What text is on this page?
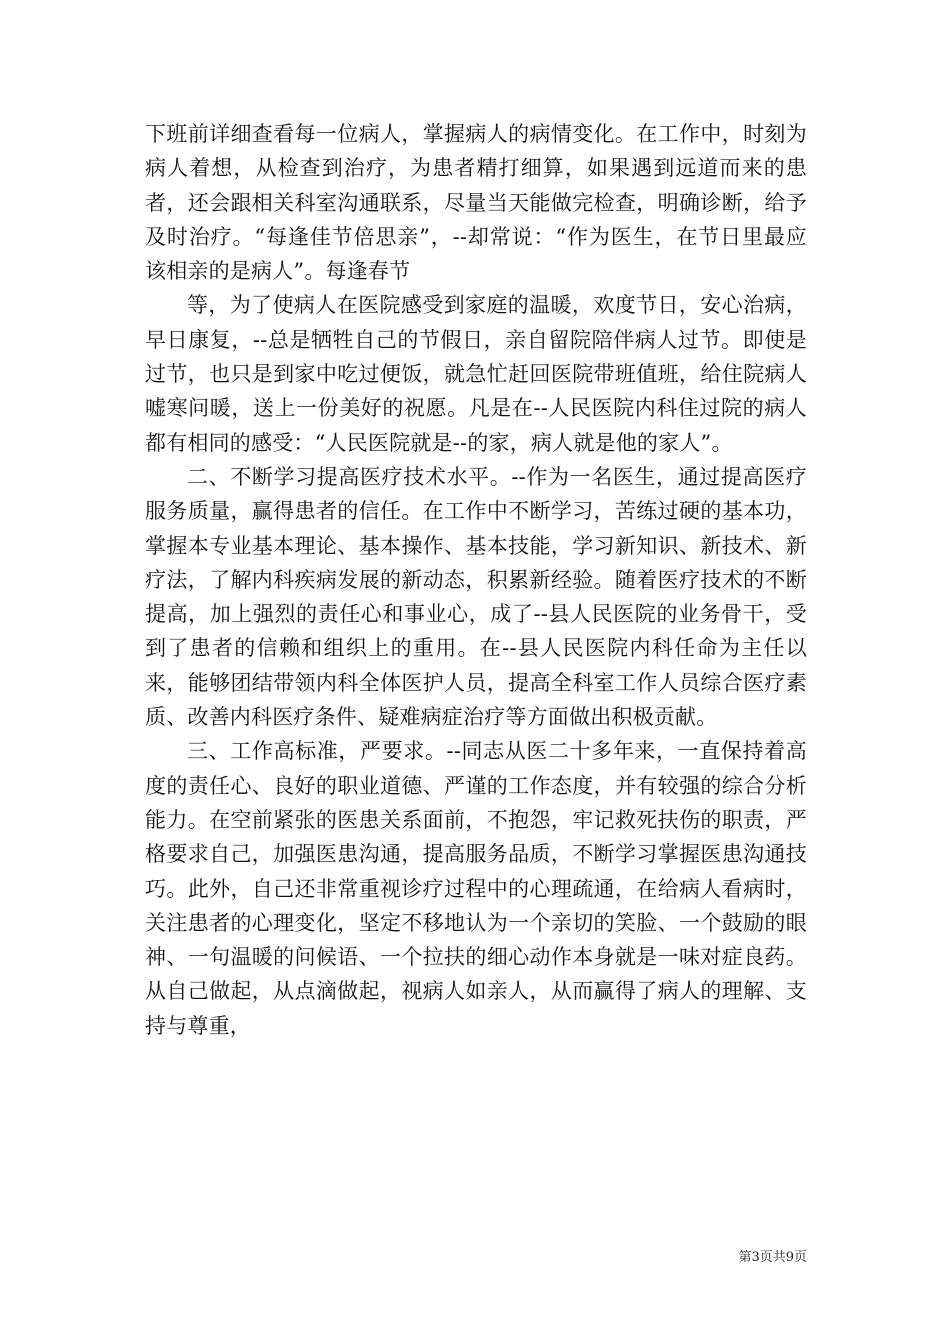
下班前详细查看每一位病人，掌握病人的病情变化。在工作中，时刻为病人着想，从检查到治疗，为患者精打细算，如果遇到远道而来的患者，还会跟相关科室沟通联系，尽量当天能做完检查，明确诊断，给予及时治疗。“每逢佳节倍思亲”，--却常说：“作为医生，在节日里最应该相亲的是病人”。每逢春节

等，为了使病人在医院感受到家庭的温暖，欢度节日，安心治病，早日康复，--总是牺牲自己的节假日，亲自留院陪伴病人过节。即使是过节，也只是到家中吃过便饭，就急忙赶回医院带班值班，给住院病人嘘寒问暖，送上一份美好的祝愿。凡是在--人民医院内科住过院的病人都有相同的感受：“人民医院就是--的家，病人就是他的家人”。

二、不断学习提高医疗技术水平。--作为一名医生，通过提高医疗服务质量，赢得患者的信任。在工作中不断学习，苦练过硬的基本功，掌握本专业基本理论、基本操作、基本技能，学习新知识、新技术、新疗法，了解内科疾病发展的新动态，积累新经验。随着医疗技术的不断提高，加上强烈的责任心和事业心，成了--县人民医院的业务骨干，受到了患者的信赖和组织上的重用。在--县人民医院内科任命为主任以来，能够团结带领内科全体医护人员，提高全科室工作人员综合医疗素质、改善内科医疗条件、疑难病症治疗等方面做出积极贡献。

三、工作高标准，严要求。--同志从医二十多年来，一直保持着高度的责任心、良好的职业道德、严谨的工作态度，并有较强的综合分析能力。在空前紧张的医患关系面前，不抱怨，牢记救死扶伤的职责，严格要求自己，加强医患沟通，提高服务品质，不断学习掌握医患沟通技巧。此外，自己还非常重视诊疗过程中的心理疏通，在给病人看病时，关注患者的心理变化，坚定不移地认为一个亲切的笑脸、一个鼓励的眼神、一句温暖的问候语、一个拉扶的细心动作本身就是一味对症良药。从自己做起，从点滴做起，视病人如亲人，从而赢得了病人的理解、支持与尊重，

第3页共9页
